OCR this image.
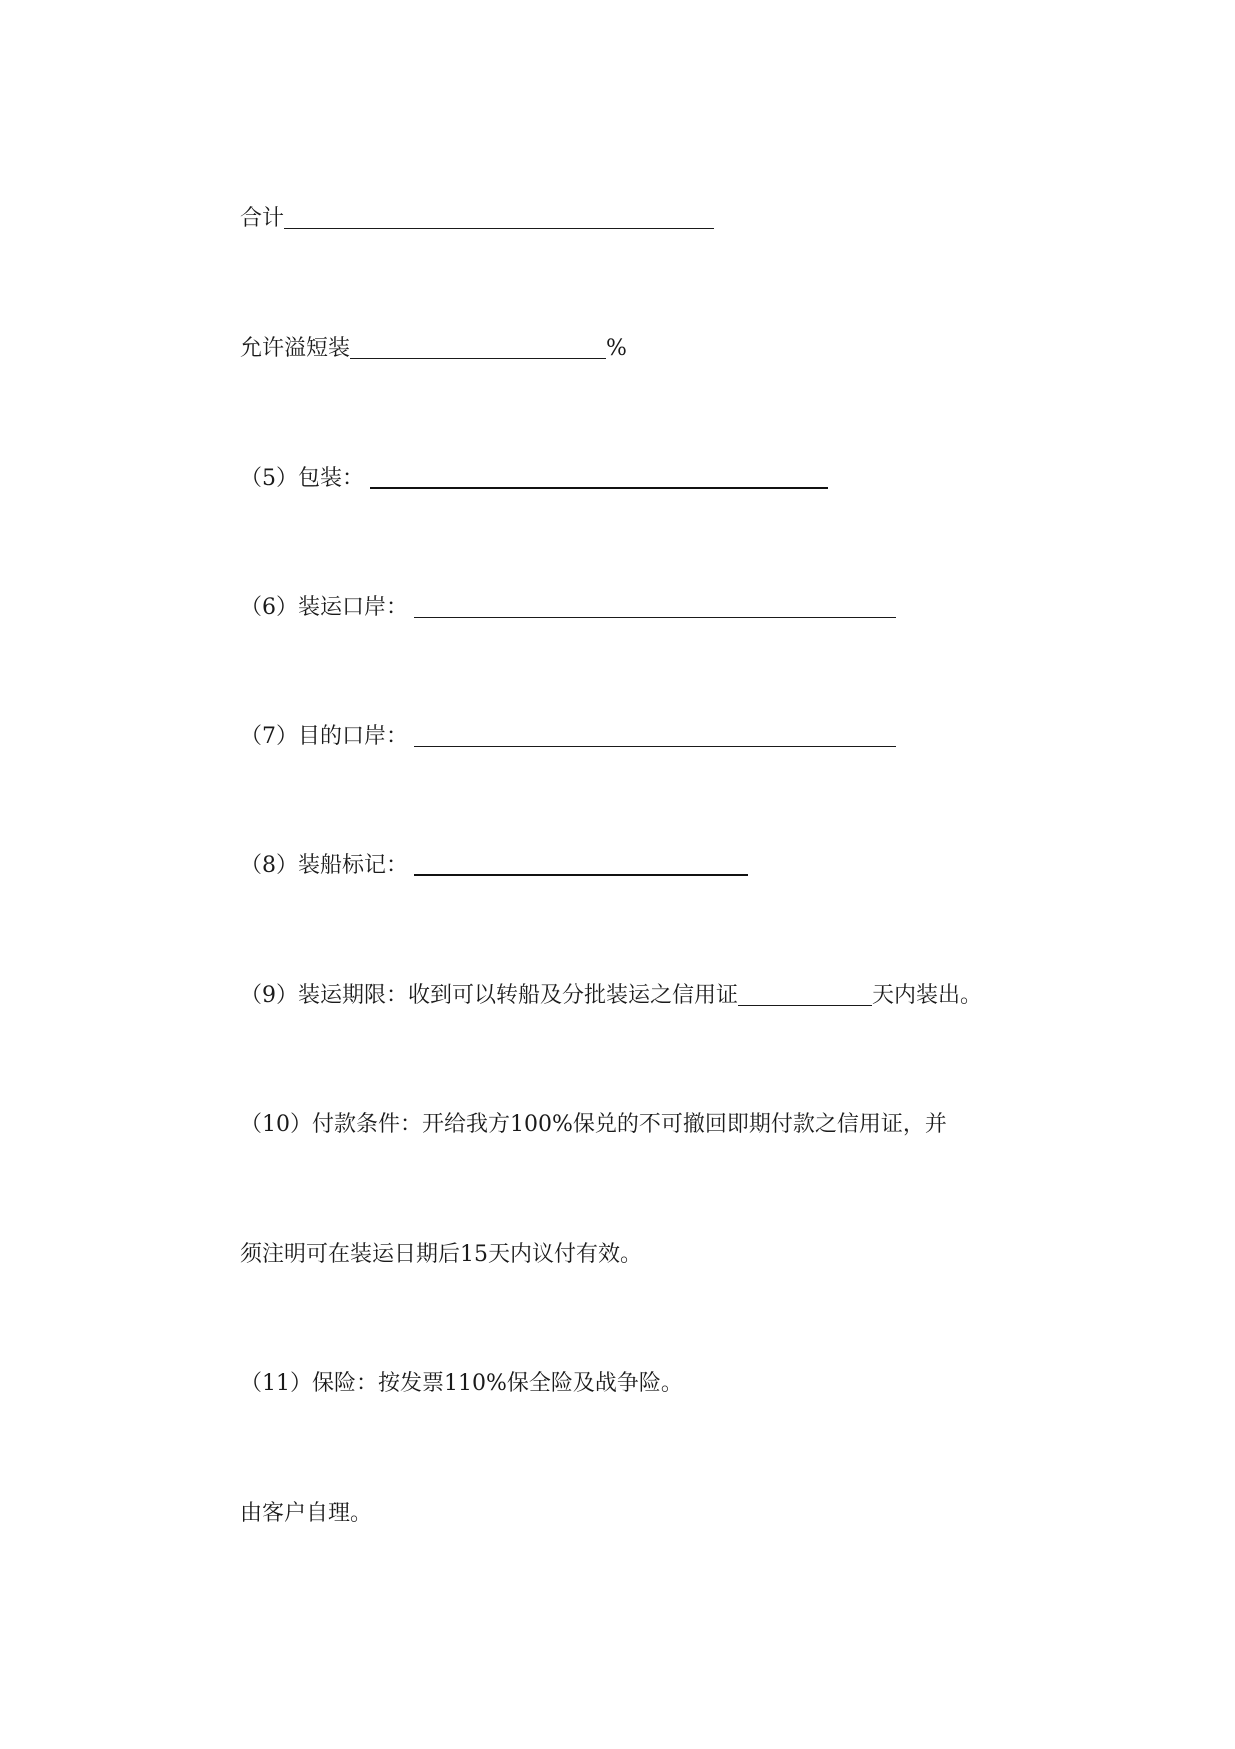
合计
允许溢短装	%
（5）包装：
（6）装运口岸：
（7）目的口岸：
（8）装船标记：
（9）装运期限：收到可以转船及分批装运之信用证	天内装出。
（10）付款条件：开给我方100%保兑的不可撤回即期付款之信用证，并
须注明可在装运日期后15天内议付有效。
（11）保险：按发票110%保全险及战争险。
由客户自理。
